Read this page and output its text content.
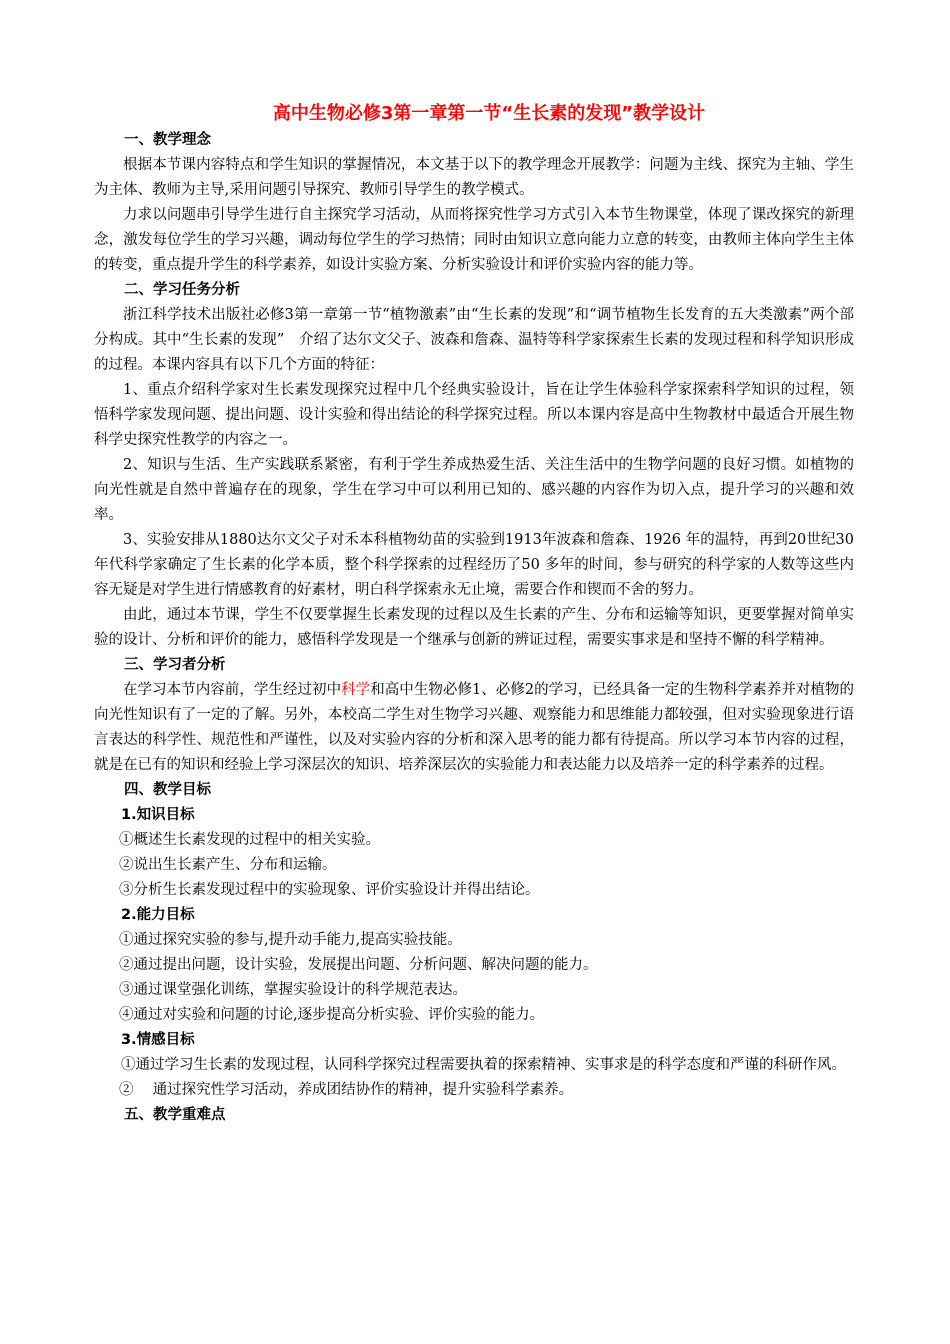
高中生物必修3第一章第一节“生长素的发现”教学设计

一、教学理念

根据本节课内容特点和学生知识的掌握情况，本文基于以下的教学理念开展教学：问题为主线、探究为主轴、学生为主体、教师为主导,采用问题引导探究、教师引导学生的教学模式。

力求以问题串引导学生进行自主探究学习活动，从而将探究性学习方式引入本节生物课堂，体现了课改探究的新理念，激发每位学生的学习兴趣，调动每位学生的学习热情；同时由知识立意向能力立意的转变，由教师主体向学生主体的转变，重点提升学生的科学素养，如设计实验方案、分析实验设计和评价实验内容的能力等。

二、学习任务分析

浙江科学技术出版社必修3第一章第一节“植物激素”由“生长素的发现”和“调节植物生长发育的五大类激素”两个部分构成。其中“生长素的发现”　介绍了达尔文父子、波森和詹森、温特等科学家探索生长素的发现过程和科学知识形成的过程。本课内容具有以下几个方面的特征：

1、重点介绍科学家对生长素发现探究过程中几个经典实验设计，旨在让学生体验科学家探索科学知识的过程，领悟科学家发现问题、提出问题、设计实验和得出结论的科学探究过程。所以本课内容是高中生物教材中最适合开展生物科学史探究性教学的内容之一。

2、知识与生活、生产实践联系紧密，有利于学生养成热爱生活、关注生活中的生物学问题的良好习惯。如植物的向光性就是自然中普遍存在的现象，学生在学习中可以利用已知的、感兴趣的内容作为切入点，提升学习的兴趣和效率。

3、实验安排从1880达尔文父子对禾本科植物幼苗的实验到1913年波森和詹森、1926 年的温特，再到20世纪30年代科学家确定了生长素的化学本质，整个科学探索的过程经历了50 多年的时间，参与研究的科学家的人数等这些内容无疑是对学生进行情感教育的好素材，明白科学探索永无止境，需要合作和锲而不舍的努力。

由此，通过本节课，学生不仅要掌握生长素发现的过程以及生长素的产生、分布和运输等知识，更要掌握对简单实验的设计、分析和评价的能力，感悟科学发现是一个继承与创新的辨证过程，需要实事求是和坚持不懈的科学精神。

三、学习者分析

在学习本节内容前，学生经过初中科学和高中生物必修1、必修2的学习，已经具备一定的生物科学素养并对植物的向光性知识有了一定的了解。另外，本校高二学生对生物学习兴趣、观察能力和思维能力都较强，但对实验现象进行语言表达的科学性、规范性和严谨性，以及对实验内容的分析和深入思考的能力都有待提高。所以学习本节内容的过程，就是在已有的知识和经验上学习深层次的知识、培养深层次的实验能力和表达能力以及培养一定的科学素养的过程。

四、教学目标

1.知识目标

①概述生长素发现的过程中的相关实验。

②说出生长素产生、分布和运输。

③分析生长素发现过程中的实验现象、评价实验设计并得出结论。

2.能力目标

①通过探究实验的参与,提升动手能力,提高实验技能。

②通过提出问题，设计实验，发展提出问题、分析问题、解决问题的能力。

③通过课堂强化训练，掌握实验设计的科学规范表达。

④通过对实验和问题的讨论,逐步提高分析实验、评价实验的能力。

3.情感目标

①通过学习生长素的发现过程，认同科学探究过程需要执着的探索精神、实事求是的科学态度和严谨的科研作风。

②　 通过探究性学习活动，养成团结协作的精神，提升实验科学素养。

五、教学重难点
